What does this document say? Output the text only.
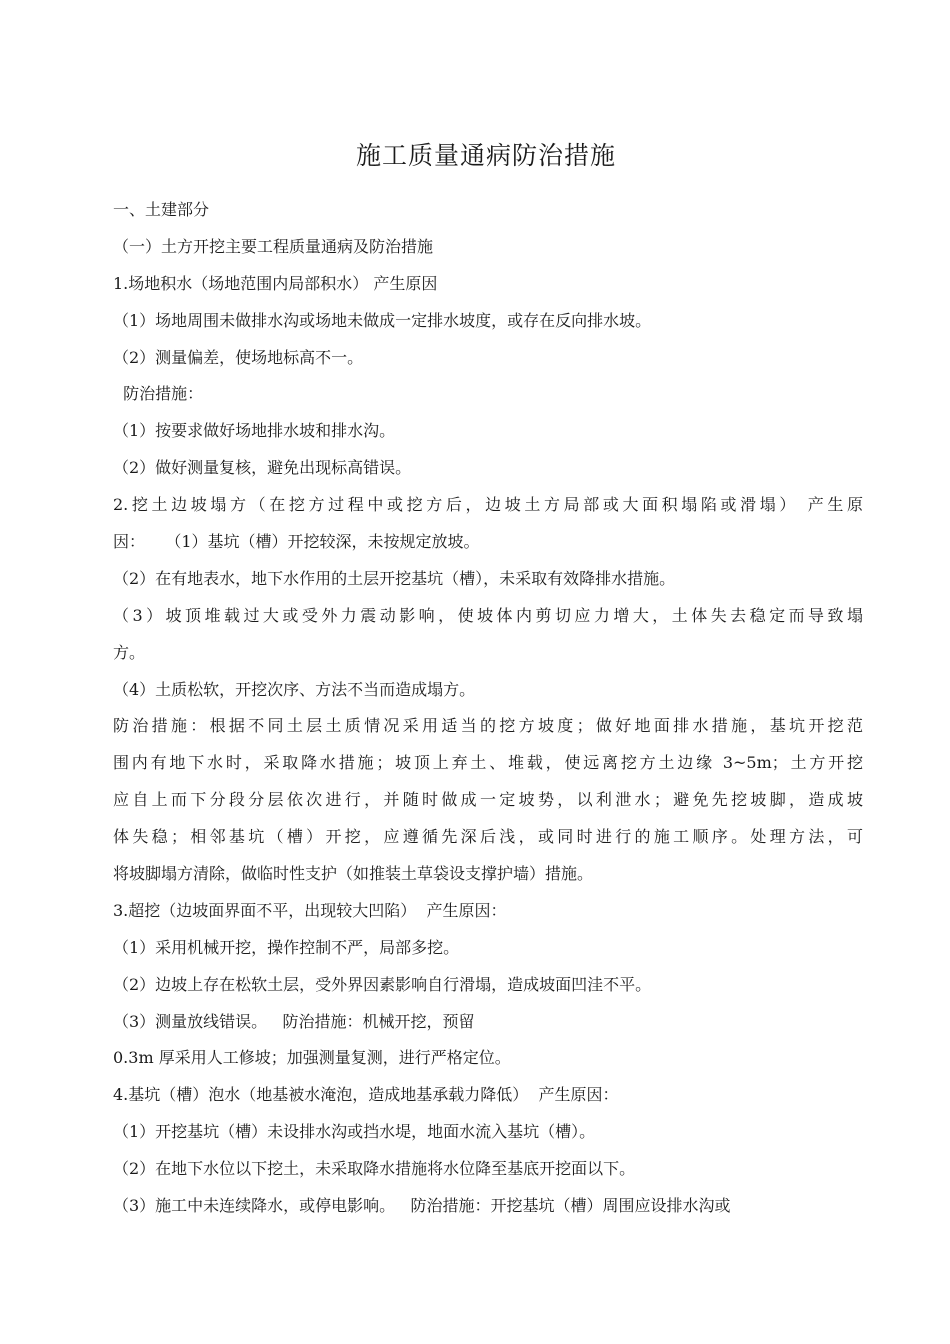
施工质量通病防治措施
一、土建部分
（一）土方开挖主要工程质量通病及防治措施
1.场地积水（场地范围内局部积水） 产生原因
（1）场地周围未做排水沟或场地未做成一定排水坡度，或存在反向排水坡。
（2）测量偏差，使场地标高不一。
防治措施：
（1）按要求做好场地排水坡和排水沟。
（2）做好测量复核，避免出现标高错误。
2.挖土边坡塌方（在挖方过程中或挖方后，边坡土方局部或大面积塌陷或滑塌） 产生原
因：    （1）基坑（槽）开挖较深，未按规定放坡。
（2）在有地表水，地下水作用的土层开挖基坑（槽），未采取有效降排水措施。
（3）坡顶堆载过大或受外力震动影响，使坡体内剪切应力增大，土体失去稳定而导致塌
方。
（4）土质松软，开挖次序、方法不当而造成塌方。
防治措施：根据不同土层土质情况采用适当的挖方坡度；做好地面排水措施，基坑开挖范
围内有地下水时，采取降水措施；坡顶上弃土、堆载，使远离挖方土边缘 3~5m；土方开挖
应自上而下分段分层依次进行，并随时做成一定坡势，以利泄水；避免先挖坡脚，造成坡
体失稳；相邻基坑（槽）开挖，应遵循先深后浅，或同时进行的施工顺序。处理方法，可
将坡脚塌方清除，做临时性支护（如推装土草袋设支撑护墙）措施。
3.超挖（边坡面界面不平，出现较大凹陷）  产生原因：
（1）采用机械开挖，操作控制不严，局部多挖。
（2）边坡上存在松软土层，受外界因素影响自行滑塌，造成坡面凹洼不平。
（3）测量放线错误。   防治措施：机械开挖，预留
0.3m 厚采用人工修坡；加强测量复测，进行严格定位。
4.基坑（槽）泡水（地基被水淹泡，造成地基承载力降低）  产生原因：
（1）开挖基坑（槽）未设排水沟或挡水堤，地面水流入基坑（槽）。
（2）在地下水位以下挖土，未采取降水措施将水位降至基底开挖面以下。
（3）施工中未连续降水，或停电影响。   防治措施：开挖基坑（槽）周围应设排水沟或
